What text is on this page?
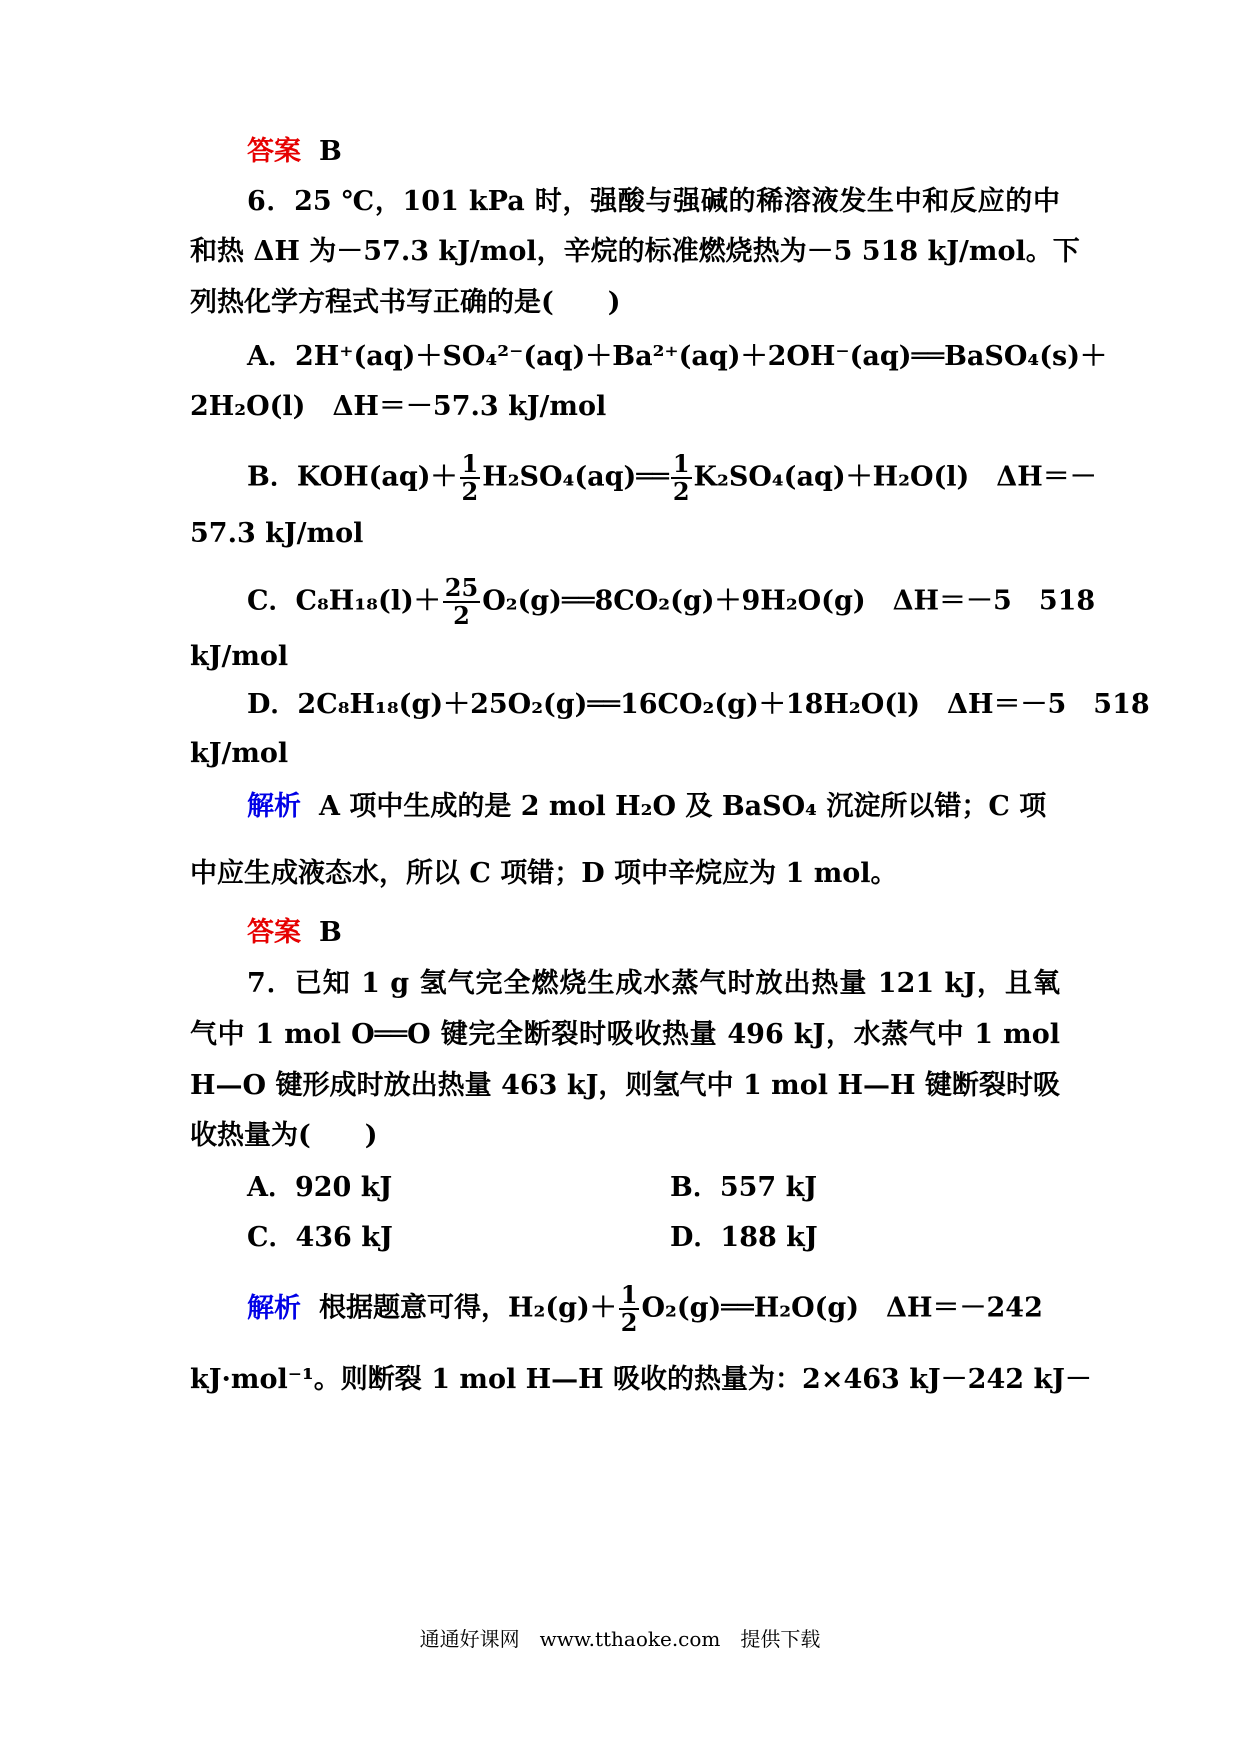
答案 B
6．25 ℃，101 kPa 时，强酸与强碱的稀溶液发生中和反应的中
和热 ΔH 为－57.3 kJ/mol，辛烷的标准燃烧热为－5 518 kJ/mol。下
列热化学方程式书写正确的是(　　)
A．2H⁺(aq)＋SO₄²⁻(aq)＋Ba²⁺(aq)＋2OH⁻(aq)══BaSO₄(s)＋
2H₂O(l)　ΔH＝－57.3 kJ/mol
B．$KOH(aq)+ \frac{1}{2}$ H₂SO₄(aq)══ $\frac{1}{2} K_2SO_4(aq)+H_2O(l)$　ΔH＝－
57.3 kJ/mol
C．$C_8H_{18}(l)+ \frac{25}{2}$ O₂(g)══8CO₂(g)＋9H₂O(g)　ΔH＝－5　518
kJ/mol
D．2C₈H₁₈(g)＋25O₂(g)══16CO₂(g)＋18H₂O(l)　ΔH＝－5　518
kJ/mol
解析 A 项中生成的是 2 mol H₂O 及 BaSO₄ 沉淀所以错；C 项
中应生成液态水，所以 C 项错；D 项中辛烷应为 1 mol。
答案 B
7．已知 1 g 氢气完全燃烧生成水蒸气时放出热量 121 kJ，且氧
气中 1 mol O══O 键完全断裂时吸收热量 496 kJ，水蒸气中 1 mol
H—O 键形成时放出热量 463 kJ，则氢气中 1 mol H—H 键断裂时吸
收热量为(　　)
A．920 kJ	B．557 kJ
C．436 kJ	D．188 kJ
解析 根据题意可得，$H_2(g)+ \frac{1}{2}$ O₂(g)══H₂O(g)　ΔH＝－242
kJ·mol⁻¹。则断裂 1 mol H—H 吸收的热量为：2×463 kJ－242 kJ－
通通好课网　www.tthaoke.com　提供下载
